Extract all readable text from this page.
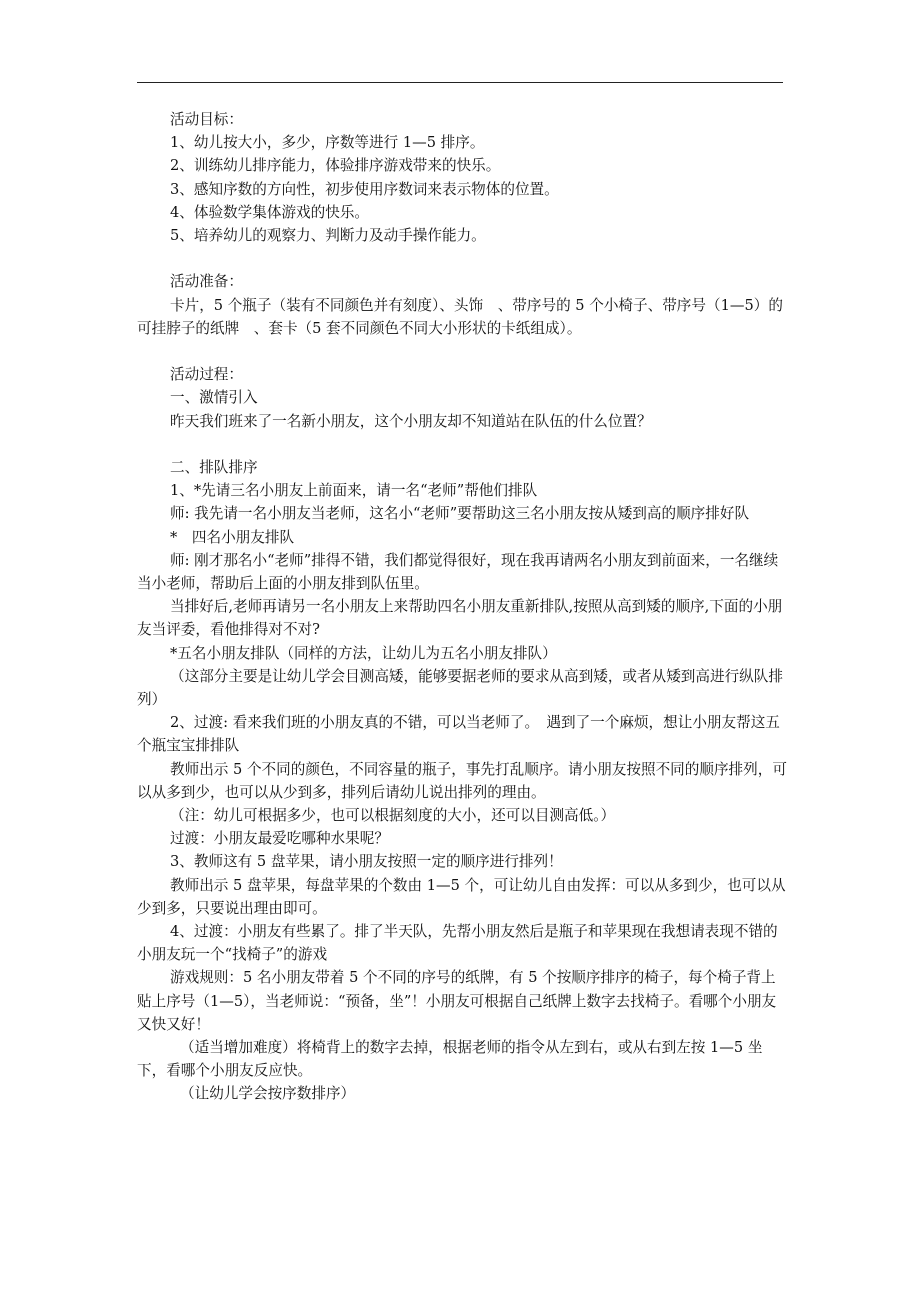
活动目标：

1、幼儿按大小，多少，序数等进行 1—5 排序。

2、训练幼儿排序能力，体验排序游戏带来的快乐。

3、感知序数的方向性，初步使用序数词来表示物体的位置。

4、体验数学集体游戏的快乐。

5、培养幼儿的观察力、判断力及动手操作能力。

活动准备：

卡片，5 个瓶子（装有不同颜色并有刻度）、头饰　、带序号的 5 个小椅子、带序号（1—5）的可挂脖子的纸牌　、套卡（5 套不同颜色不同大小形状的卡纸组成）。

活动过程：

一、激情引入

昨天我们班来了一名新小朋友，这个小朋友却不知道站在队伍的什么位置？

二、排队排序

1、*先请三名小朋友上前面来，请一名“老师”帮他们排队

师: 我先请一名小朋友当老师，这名小“老师”要帮助这三名小朋友按从矮到高的顺序排好队

*　四名小朋友排队

师: 刚才那名小“老师”排得不错，我们都觉得很好，现在我再请两名小朋友到前面来，一名继续当小老师，帮助后上面的小朋友排到队伍里。

当排好后,老师再请另一名小朋友上来帮助四名小朋友重新排队,按照从高到矮的顺序,下面的小朋友当评委，看他排得对不对?

*五名小朋友排队（同样的方法，让幼儿为五名小朋友排队）

（这部分主要是让幼儿学会目测高矮，能够要据老师的要求从高到矮，或者从矮到高进行纵队排列）

2、过渡: 看来我们班的小朋友真的不错，可以当老师了。　遇到了一个麻烦，想让小朋友帮这五个瓶宝宝排排队

教师出示 5 个不同的颜色，不同容量的瓶子，事先打乱顺序。请小朋友按照不同的顺序排列，可以从多到少，也可以从少到多，排列后请幼儿说出排列的理由。

（注：幼儿可根据多少，也可以根据刻度的大小，还可以目测高低。）

过渡：小朋友最爱吃哪种水果呢？

3、教师这有 5 盘苹果，请小朋友按照一定的顺序进行排列！

教师出示 5 盘苹果，每盘苹果的个数由 1—5 个，可让幼儿自由发挥：可以从多到少，也可以从少到多，只要说出理由即可。

4、过渡：小朋友有些累了。排了半天队，先帮小朋友然后是瓶子和苹果现在我想请表现不错的小朋友玩一个“找椅子”的游戏

游戏规则：5 名小朋友带着 5 个不同的序号的纸牌，有 5 个按顺序排序的椅子，每个椅子背上贴上序号（1—5），当老师说：“预备，坐”！小朋友可根据自己纸牌上数字去找椅子。看哪个小朋友又快又好！

（适当增加难度）将椅背上的数字去掉，根据老师的指令从左到右，或从右到左按 1—5 坐下，看哪个小朋友反应快。

（让幼儿学会按序数排序）
